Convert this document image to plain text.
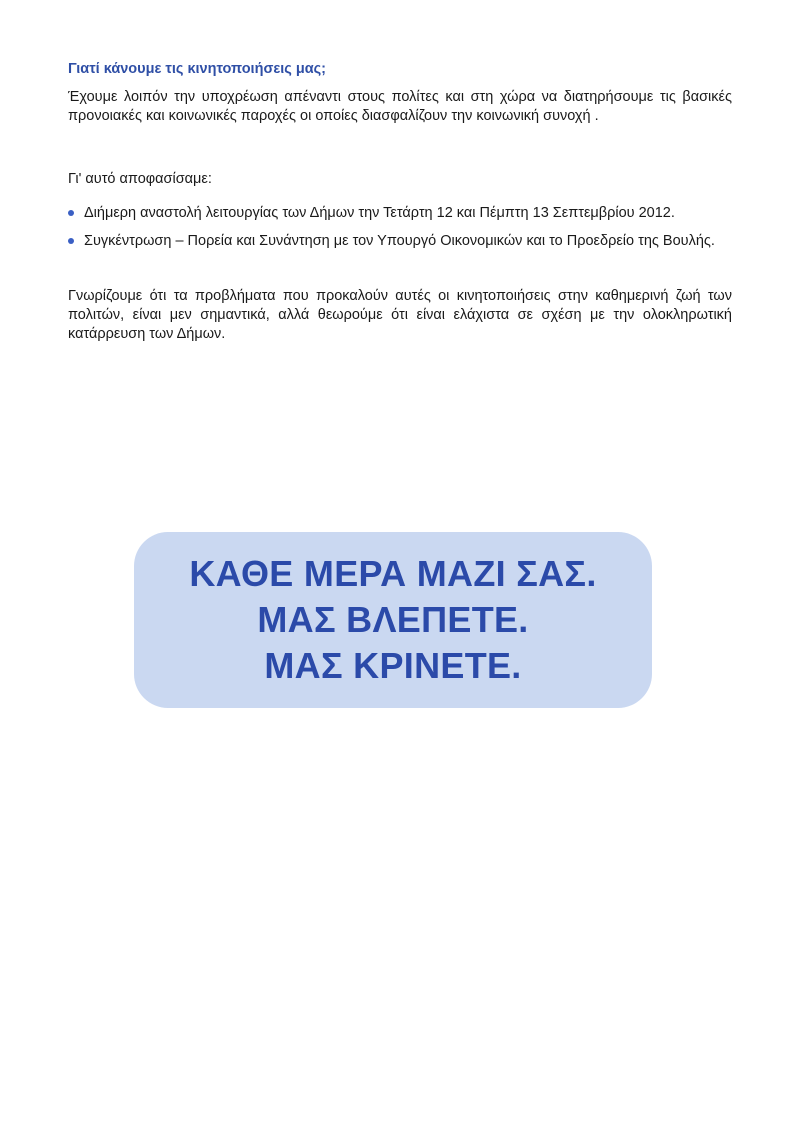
Γιατί κάνουμε τις κινητοποιήσεις μας;

Έχουμε λοιπόν την υποχρέωση απέναντι στους πολίτες και στη χώρα να διατηρήσουμε τις βασικές προνοιακές και κοινωνικές παροχές οι οποίες διασφαλίζουν την κοινωνική συνοχή .

Γι' αυτό αποφασίσαμε:

Διήμερη αναστολή λειτουργίας των Δήμων την Τετάρτη 12 και Πέμπτη 13 Σεπτεμβρίου 2012.
Συγκέντρωση – Πορεία και Συνάντηση με τον Υπουργό Οικονομικών και το Προεδρείο της Βουλής.

Γνωρίζουμε ότι τα προβλήματα που προκαλούν αυτές οι κινητοποιήσεις στην καθημερινή ζωή των πολιτών, είναι μεν σημαντικά, αλλά θεωρούμε ότι είναι ελάχιστα σε σχέση με την ολοκληρωτική κατάρρευση των Δήμων.

ΚΑΘΕ ΜΕΡΑ ΜΑΖΙ ΣΑΣ.
ΜΑΣ ΒΛΕΠΕΤΕ.
ΜΑΣ ΚΡΙΝΕΤΕ.
